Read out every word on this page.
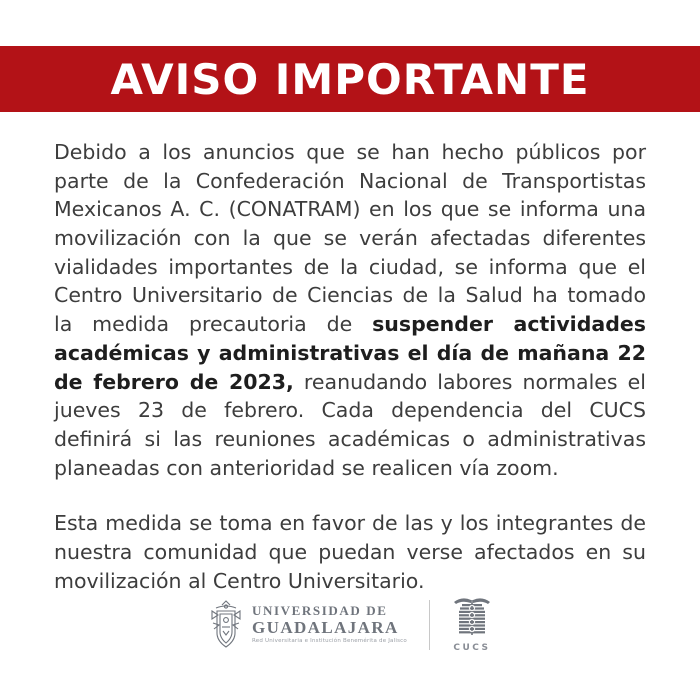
AVISO IMPORTANTE

Debido a los anuncios que se han hecho públicos por parte de la Confederación Nacional de Transportistas Mexicanos A. C. (CONATRAM) en los que se informa una movilización con la que se verán afectadas diferentes vialidades importantes de la ciudad, se informa que el Centro Universitario de Ciencias de la Salud ha tomado la medida precautoria de suspender actividades académicas y administrativas el día de mañana 22 de febrero de 2023, reanudando labores normales el jueves 23 de febrero. Cada dependencia del CUCS definirá si las reuniones académicas o administrativas planeadas con anterioridad se realicen vía zoom.

Esta medida se toma en favor de las y los integrantes de nuestra comunidad que puedan verse afectados en su movilización al Centro Universitario.

UNIVERSIDAD DE
GUADALAJARA
Red Universitaria e Institución Benemérita de Jalisco
CUCS
